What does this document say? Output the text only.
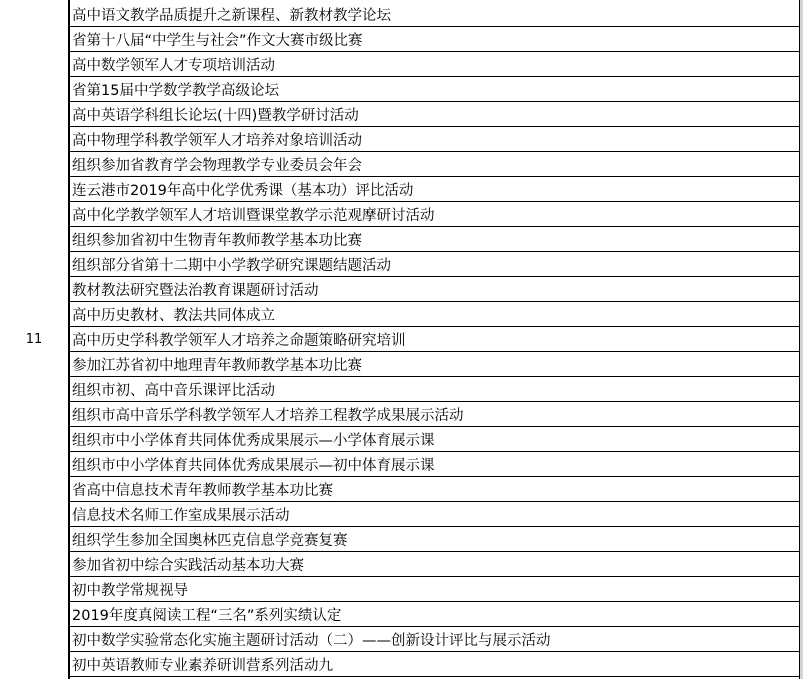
11
高中语文教学品质提升之新课程、新教材教学论坛
省第十八届“中学生与社会”作文大赛市级比赛
高中数学领军人才专项培训活动
省第15届中学数学教学高级论坛
高中英语学科组长论坛(十四)暨教学研讨活动
高中物理学科教学领军人才培养对象培训活动
组织参加省教育学会物理教学专业委员会年会
连云港市2019年高中化学优秀课（基本功）评比活动
高中化学教学领军人才培训暨课堂教学示范观摩研讨活动
组织参加省初中生物青年教师教学基本功比赛
组织部分省第十二期中小学教学研究课题结题活动
教材教法研究暨法治教育课题研讨活动
高中历史教材、教法共同体成立
高中历史学科教学领军人才培养之命题策略研究培训
参加江苏省初中地理青年教师教学基本功比赛
组织市初、高中音乐课评比活动
组织市高中音乐学科教学领军人才培养工程教学成果展示活动
组织市中小学体育共同体优秀成果展示—小学体育展示课
组织市中小学体育共同体优秀成果展示—初中体育展示课
省高中信息技术青年教师教学基本功比赛
信息技术名师工作室成果展示活动
组织学生参加全国奥林匹克信息学竞赛复赛
参加省初中综合实践活动基本功大赛
初中教学常规视导
2019年度真阅读工程“三名”系列实绩认定
初中数学实验常态化实施主题研讨活动（二）——创新设计评比与展示活动
初中英语教师专业素养研训营系列活动九
